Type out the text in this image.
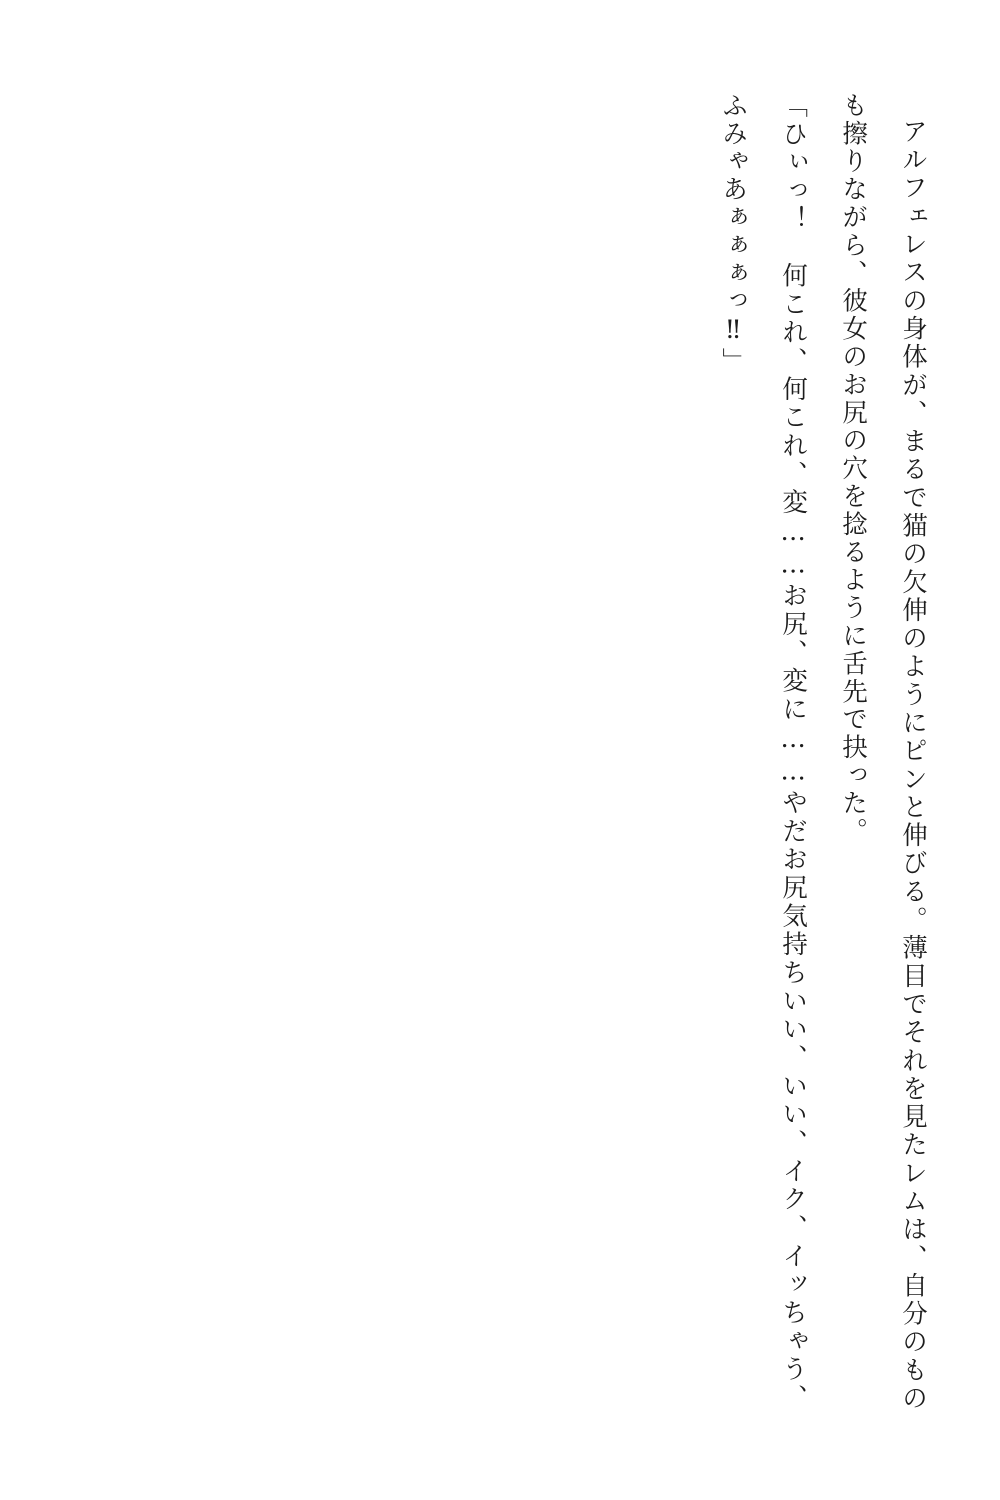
アルフェレスの身体が、まるで猫の欠伸のようにピンと伸びる。薄目でそれを見たレムは、自分のものも擦りながら、彼女のお尻の穴を捻るように舌先で抉った。

「ひぃっ！　何これ、何これ、変……お尻、変に……やだお尻気持ちいい、いい、イク、イッちゃう、ふみゃあぁぁぁっ‼」
